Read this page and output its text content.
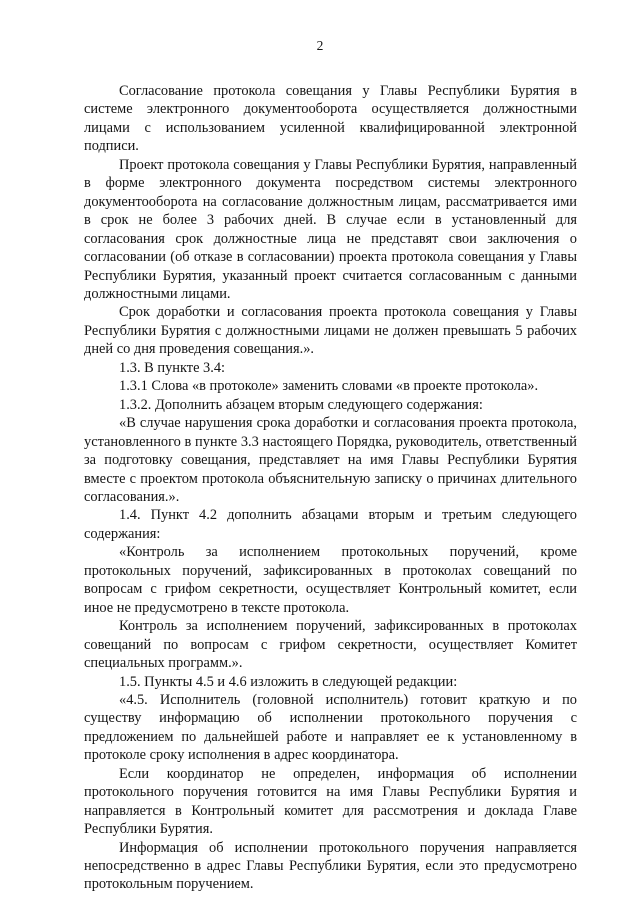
2

Согласование протокола совещания у Главы Республики Бурятия в системе электронного документооборота осуществляется должностными лицами с использованием усиленной квалифицированной электронной подписи.

Проект протокола совещания у Главы Республики Бурятия, направленный в форме электронного документа посредством системы электронного документооборота на согласование должностным лицам, рассматривается ими в срок не более 3 рабочих дней. В случае если в установленный для согласования срок должностные лица не представят свои заключения о согласовании (об отказе в согласовании) проекта протокола совещания у Главы Республики Бурятия, указанный проект считается согласованным с данными должностными лицами.

Срок доработки и согласования проекта протокола совещания у Главы Республики Бурятия с должностными лицами не должен превышать 5 рабочих дней со дня проведения совещания.».

1.3. В пункте 3.4:

1.3.1 Слова «в протоколе» заменить словами «в проекте протокола».

1.3.2. Дополнить абзацем вторым следующего содержания:

«В случае нарушения срока доработки и согласования проекта протокола, установленного в пункте 3.3 настоящего Порядка, руководитель, ответственный за подготовку совещания, представляет на имя Главы Республики Бурятия вместе с проектом протокола объяснительную записку о причинах длительного согласования.».

1.4. Пункт 4.2 дополнить абзацами вторым и третьим следующего содержания:

«Контроль за исполнением протокольных поручений, кроме протокольных поручений, зафиксированных в протоколах совещаний по вопросам с грифом секретности, осуществляет Контрольный комитет, если иное не предусмотрено в тексте протокола.

Контроль за исполнением поручений, зафиксированных в протоколах совещаний по вопросам с грифом секретности, осуществляет Комитет специальных программ.».

1.5. Пункты 4.5 и 4.6 изложить в следующей редакции:

«4.5. Исполнитель (головной исполнитель) готовит краткую и по существу информацию об исполнении протокольного поручения с предложением по дальнейшей работе и направляет ее к установленному в протоколе сроку исполнения в адрес координатора.

Если координатор не определен, информация об исполнении протокольного поручения готовится на имя Главы Республики Бурятия и направляется в Контрольный комитет для рассмотрения и доклада Главе Республики Бурятия.

Информация об исполнении протокольного поручения направляется непосредственно в адрес Главы Республики Бурятия, если это предусмотрено протокольным поручением.
